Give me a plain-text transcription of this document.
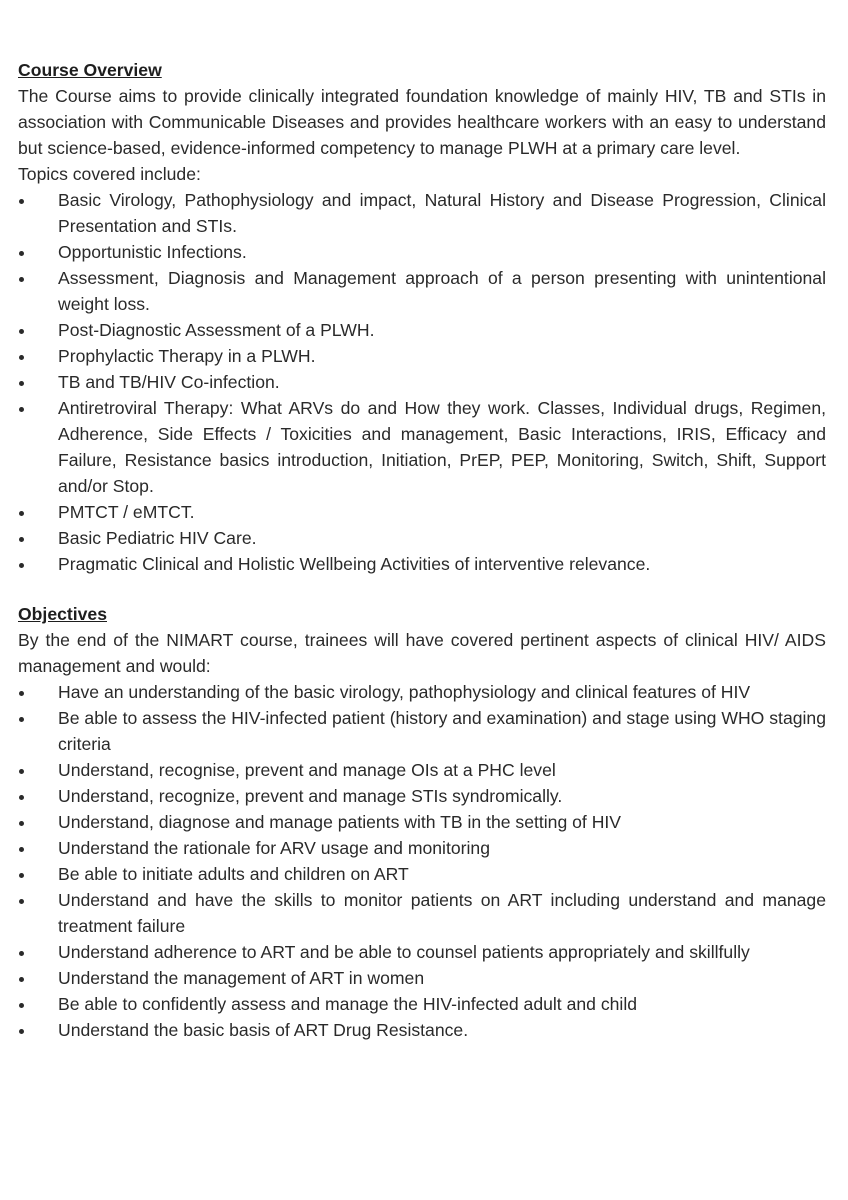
Course Overview

The Course aims to provide clinically integrated foundation knowledge of mainly HIV, TB and STIs in association with Communicable Diseases and provides healthcare workers with an easy to understand but science-based, evidence-informed competency to manage PLWH at a primary care level.

Topics covered include:

Basic Virology, Pathophysiology and impact, Natural History and Disease Progression, Clinical Presentation and STIs.
Opportunistic Infections.
Assessment, Diagnosis and Management approach of a person presenting with unintentional weight loss.
Post-Diagnostic Assessment of a PLWH.
Prophylactic Therapy in a PLWH.
TB and TB/HIV Co-infection.
Antiretroviral Therapy: What ARVs do and How they work. Classes, Individual drugs, Regimen, Adherence, Side Effects / Toxicities and management, Basic Interactions, IRIS, Efficacy and Failure, Resistance basics introduction, Initiation, PrEP, PEP, Monitoring, Switch, Shift, Support and/or Stop.
PMTCT / eMTCT.
Basic Pediatric HIV Care.
Pragmatic Clinical and Holistic Wellbeing Activities of interventive relevance.

Objectives

By the end of the NIMART course, trainees will have covered pertinent aspects of clinical HIV/ AIDS management and would:

Have an understanding of the basic virology, pathophysiology and clinical features of HIV
Be able to assess the HIV-infected patient (history and examination) and stage using WHO staging criteria
Understand, recognise, prevent and manage OIs at a PHC level
Understand, recognize, prevent and manage STIs syndromically.
Understand, diagnose and manage patients with TB in the setting of HIV
Understand the rationale for ARV usage and monitoring
Be able to initiate adults and children on ART
Understand and have the skills to monitor patients on ART including understand and manage treatment failure
Understand adherence to ART and be able to counsel patients appropriately and skillfully
Understand the management of ART in women
Be able to confidently assess and manage the HIV-infected adult and child
Understand the basic basis of ART Drug Resistance.
